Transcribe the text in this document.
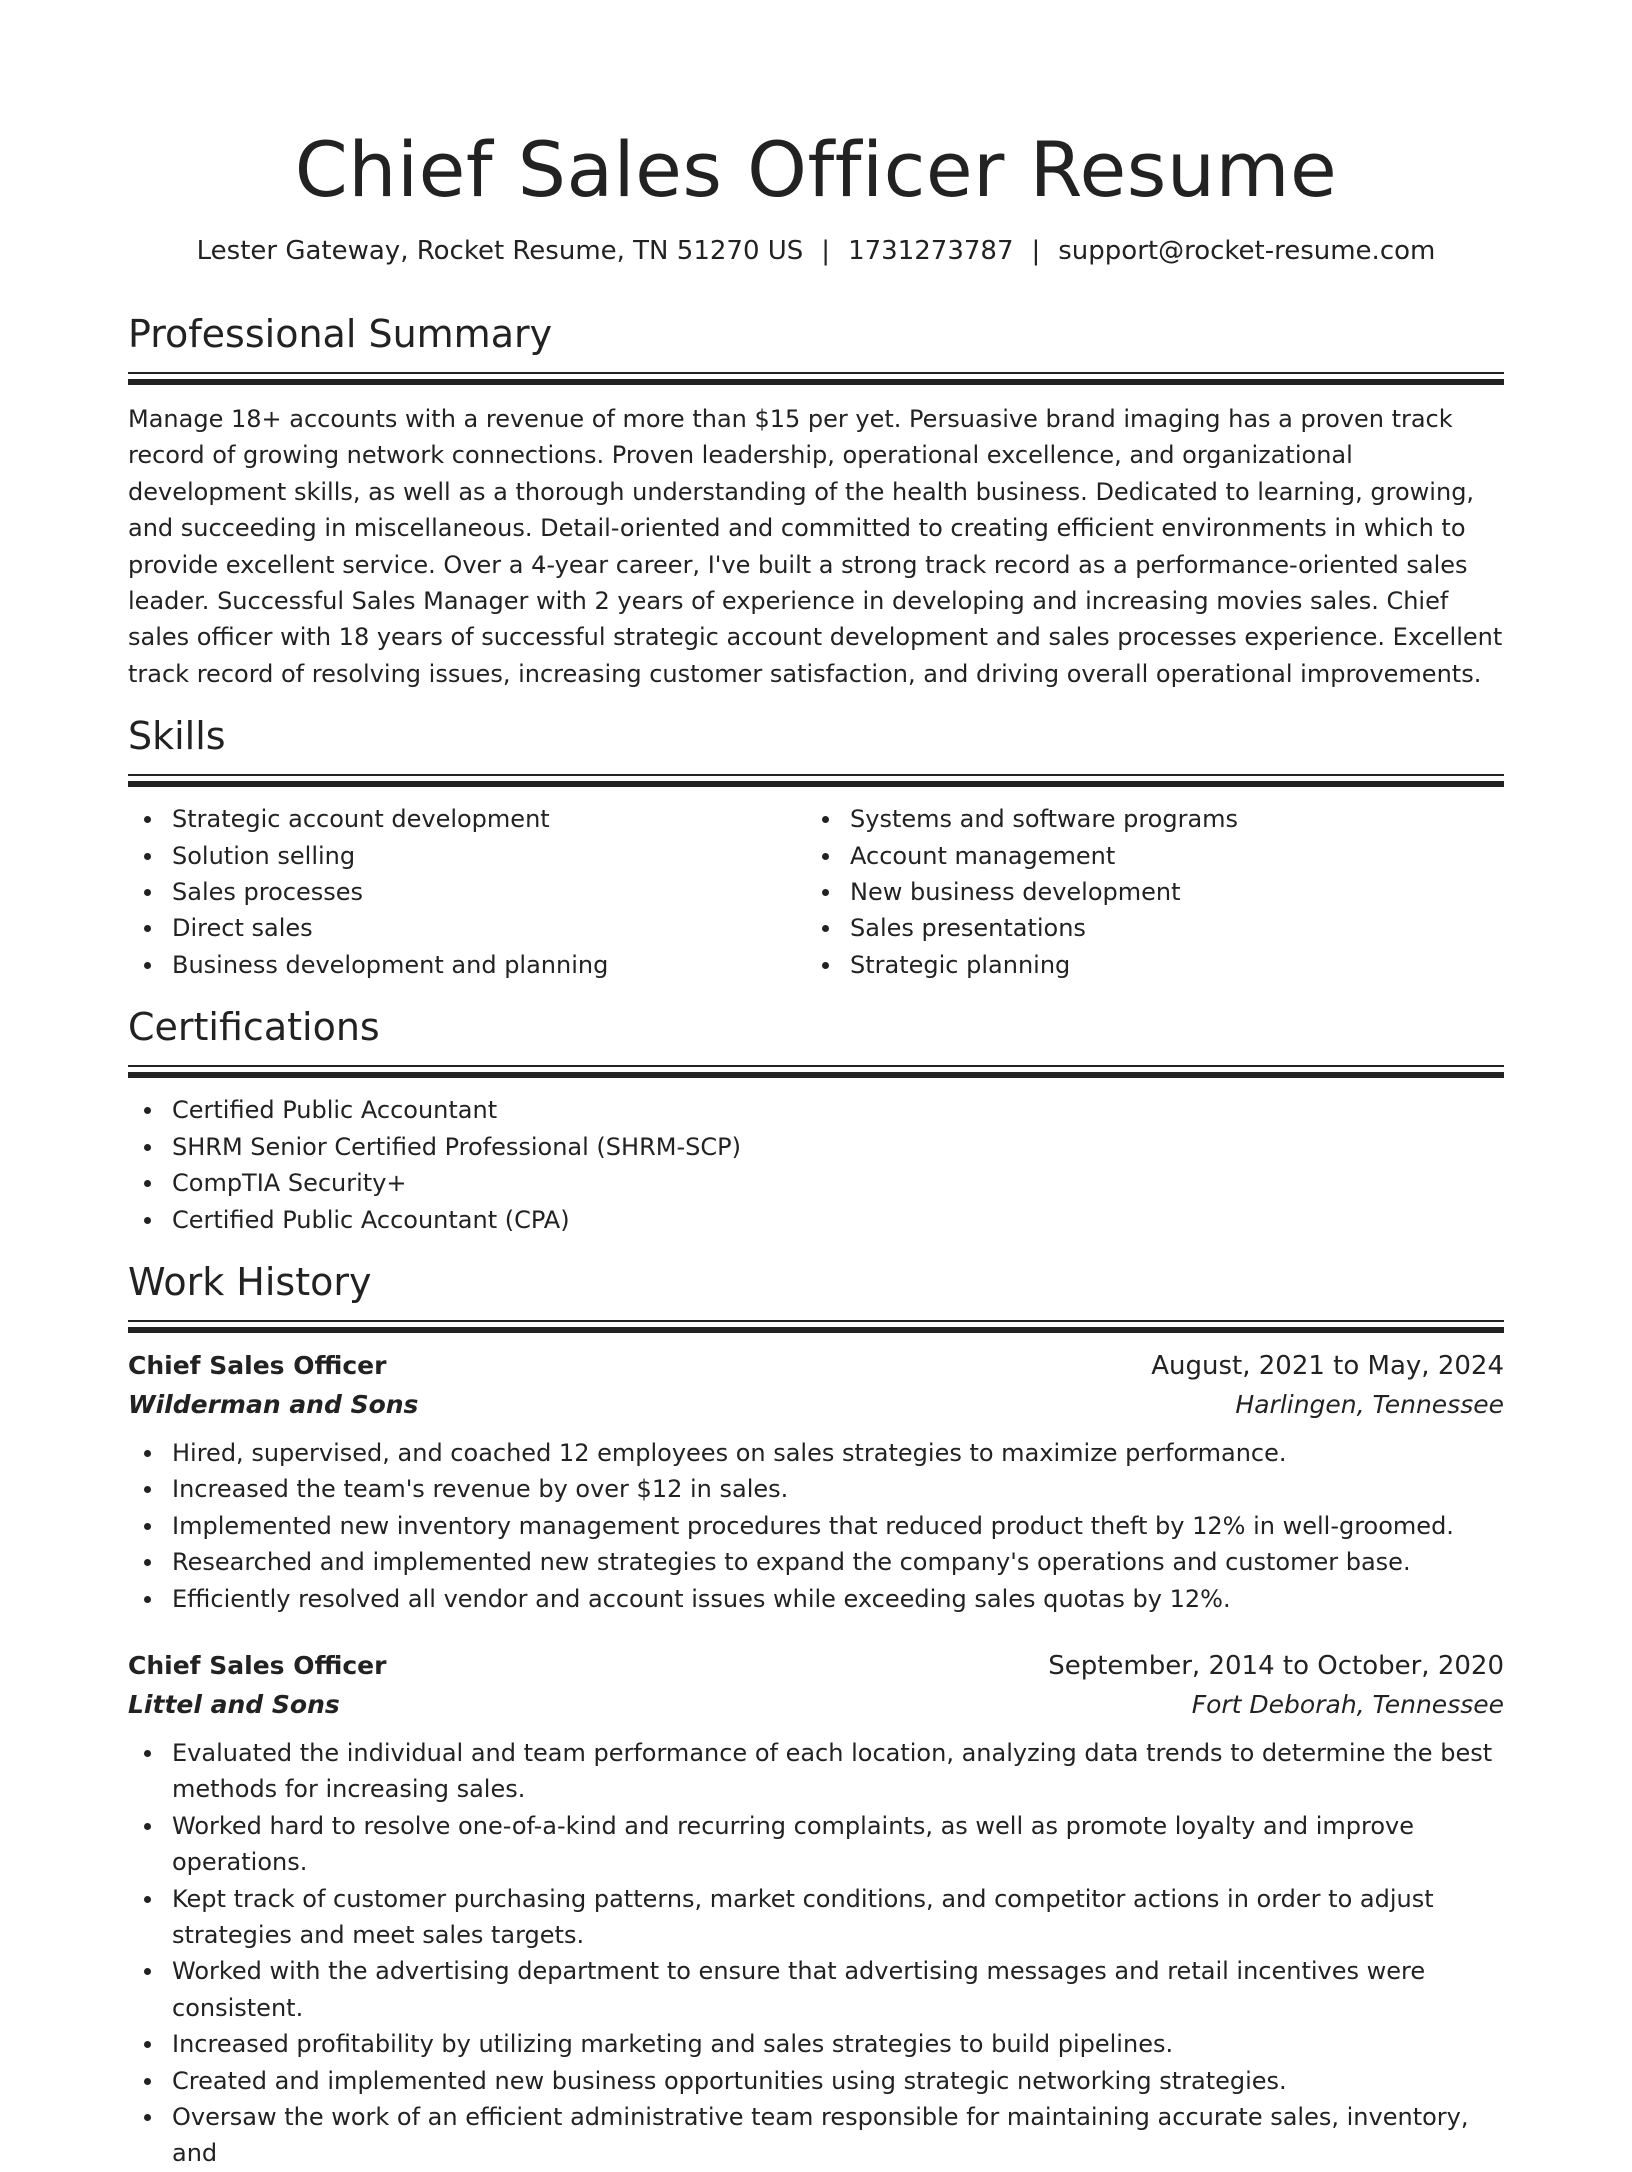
Chief Sales Officer Resume
Lester Gateway, Rocket Resume, TN 51270 US | 1731273787 | support@rocket-resume.com
Professional Summary

Manage 18+ accounts with a revenue of more than $15 per yet. Persuasive brand imaging has a proven track record of growing network connections. Proven leadership, operational excellence, and organizational development skills, as well as a thorough understanding of the health business. Dedicated to learning, growing, and succeeding in miscellaneous. Detail-oriented and committed to creating efficient environments in which to provide excellent service. Over a 4-year career, I've built a strong track record as a performance-oriented sales leader. Successful Sales Manager with 2 years of experience in developing and increasing movies sales. Chief sales officer with 18 years of successful strategic account development and sales processes experience. Excellent track record of resolving issues, increasing customer satisfaction, and driving overall operational improvements.

Skills
Strategic account development
Solution selling
Sales processes
Direct sales
Business development and planning
Systems and software programs
Account management
New business development
Sales presentations
Strategic planning
Certifications
Certified Public Accountant
SHRM Senior Certified Professional (SHRM-SCP)
CompTIA Security+
Certified Public Accountant (CPA)
Work History
Chief Sales Officer	August, 2021 to May, 2024
Wilderman and Sons	Harlingen, Tennessee
Hired, supervised, and coached 12 employees on sales strategies to maximize performance.
Increased the team's revenue by over $12 in sales.
Implemented new inventory management procedures that reduced product theft by 12% in well-groomed.
Researched and implemented new strategies to expand the company's operations and customer base.
Efficiently resolved all vendor and account issues while exceeding sales quotas by 12%.
Chief Sales Officer	September, 2014 to October, 2020
Littel and Sons	Fort Deborah, Tennessee
Evaluated the individual and team performance of each location, analyzing data trends to determine the best methods for increasing sales.
Worked hard to resolve one-of-a-kind and recurring complaints, as well as promote loyalty and improve operations.
Kept track of customer purchasing patterns, market conditions, and competitor actions in order to adjust strategies and meet sales targets.
Worked with the advertising department to ensure that advertising messages and retail incentives were consistent.
Increased profitability by utilizing marketing and sales strategies to build pipelines.
Created and implemented new business opportunities using strategic networking strategies.
Oversaw the work of an efficient administrative team responsible for maintaining accurate sales, inventory, and
